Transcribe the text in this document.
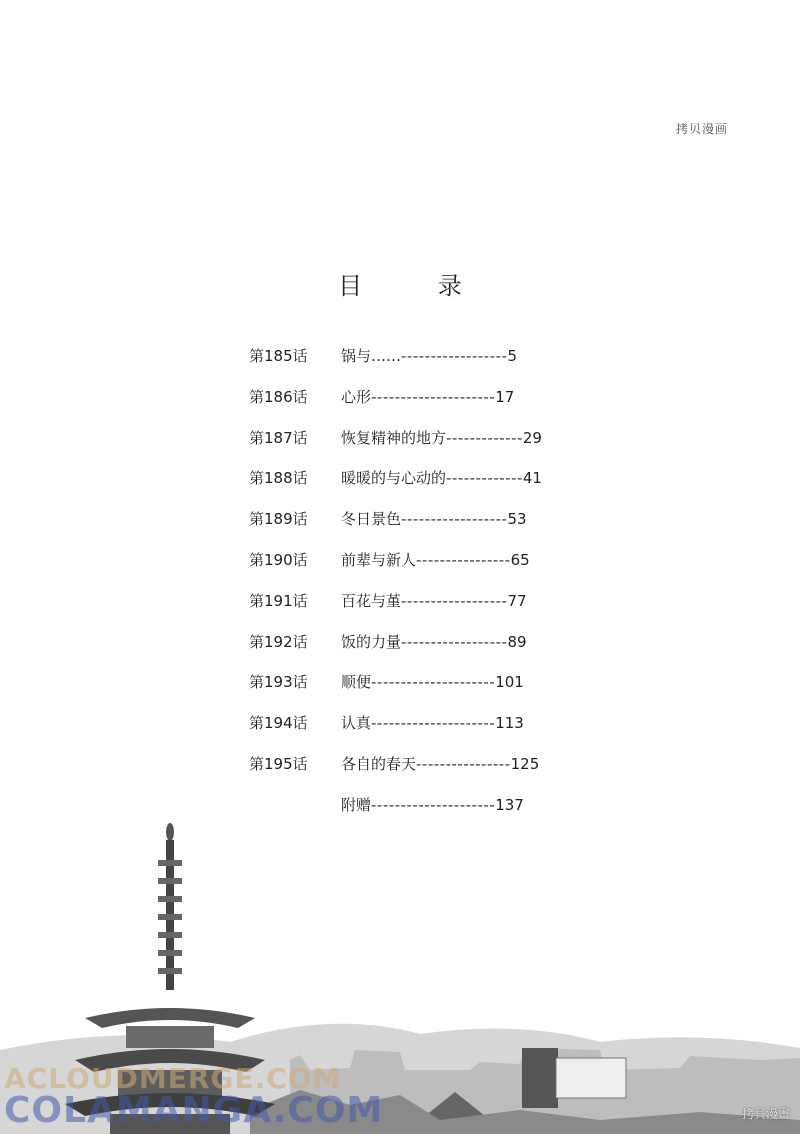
拷贝漫画
目 录
第185话	锅与……------------------5
第186话	心形---------------------17
第187话	恢复精神的地方-------------29
第188话	暖暖的与心动的-------------41
第189话	冬日景色------------------53
第190话	前辈与新人----------------65
第191话	百花与堇------------------77
第192话	饭的力量------------------89
第193话	顺便---------------------101
第194话	认真---------------------113
第195话	各自的春天----------------125
附赠---------------------137
ACLOUDMERGE.COM
COLAMANGA.COM	拷貝漫畫
